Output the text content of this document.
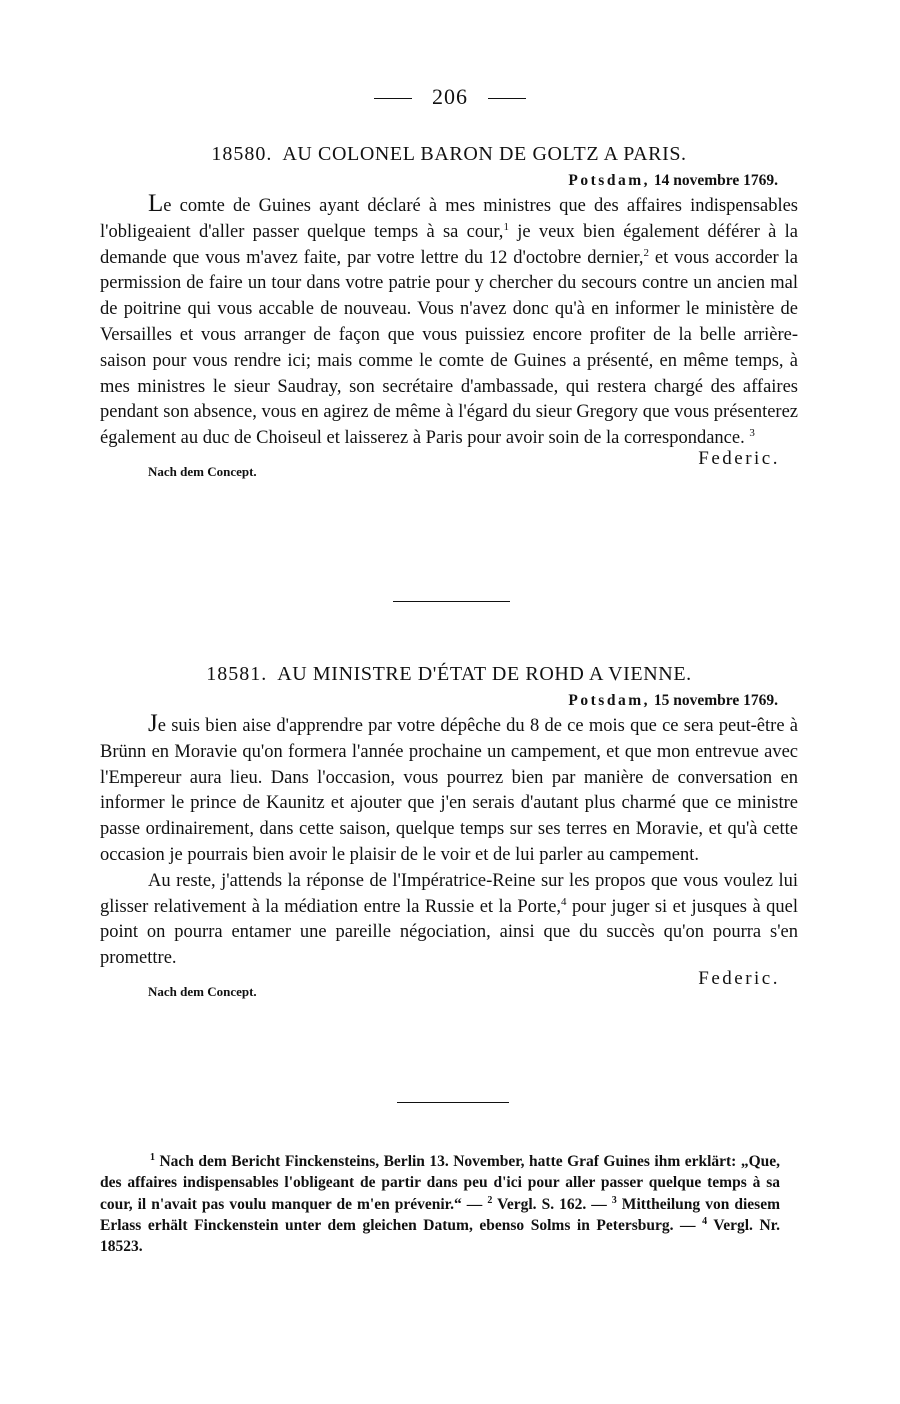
206
18580. AU COLONEL BARON DE GOLTZ A PARIS.
Potsdam, 14 novembre 1769.

Le comte de Guines ayant déclaré à mes ministres que des affaires indispensables l'obligeaient d'aller passer quelque temps à sa cour,$^1$ je veux bien également déférer à la demande que vous m'avez faite, par votre lettre du 12 d'octobre dernier,$^2$ et vous accorder la permission de faire un tour dans votre patrie pour y chercher du secours contre un ancien mal de poitrine qui vous accable de nouveau. Vous n'avez donc qu'à en informer le ministère de Versailles et vous arranger de façon que vous puissiez encore profiter de la belle arrière-saison pour vous rendre ici; mais comme le comte de Guines a présenté, en même temps, à mes ministres le sieur Saudray, son secrétaire d'ambassade, qui restera chargé des affaires pendant son absence, vous en agirez de même à l'égard du sieur Gregory que vous présenterez également au duc de Choiseul et laisserez à Paris pour avoir soin de la correspondance. $^3$

Nach dem Concept.
Federic.
18581. AU MINISTRE D'ÉTAT DE ROHD A VIENNE.
Potsdam, 15 novembre 1769.

Je suis bien aise d'apprendre par votre dépêche du 8 de ce mois que ce sera peut-être à Brünn en Moravie qu'on formera l'année prochaine un campement, et que mon entrevue avec l'Empereur aura lieu. Dans l'occasion, vous pourrez bien par manière de conversation en informer le prince de Kaunitz et ajouter que j'en serais d'autant plus charmé que ce ministre passe ordinairement, dans cette saison, quelque temps sur ses terres en Moravie, et qu'à cette occasion je pourrais bien avoir le plaisir de le voir et de lui parler au campement.

Au reste, j'attends la réponse de l'Impératrice-Reine sur les propos que vous voulez lui glisser relativement à la médiation entre la Russie et la Porte,$^4$ pour juger si et jusques à quel point on pourra entamer une pareille négociation, ainsi que du succès qu'on pourra s'en promettre.

Nach dem Concept.
Federic.
$^1$ Nach dem Bericht Finckensteins, Berlin 13. November, hatte Graf Guines ihm erklärt: „Que, des affaires indispensables l'obligeant de partir dans peu d'ici pour aller passer quelque temps à sa cour, il n'avait pas voulu manquer de m'en prévenir.“ — $^2$ Vergl. S. 162. — $^3$ Mittheilung von diesem Erlass erhält Finckenstein unter dem gleichen Datum, ebenso Solms in Petersburg. — $^4$ Vergl. Nr. 18523.
